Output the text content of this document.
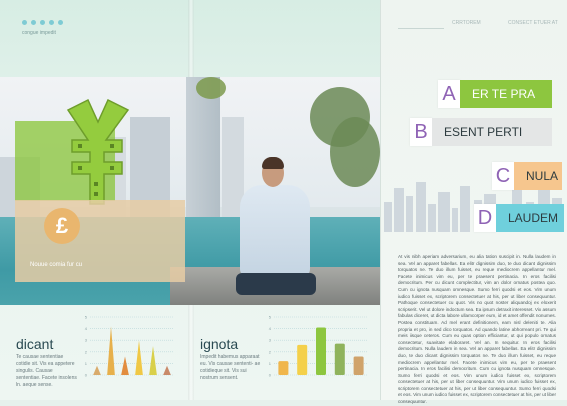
congue impedit
£
Nouue comia fur cu
dicant
Te causae sententiae cotidie sit. Vis ea appetere singulis. Causae sententiae. Facete insolens ln. aeque sense.
0
1
2
3
4
5
ignota
Impedit habemus apparaat eu. Vis causae sententi- ae cotidieque sit. Vis sui nostrum sensent.	0
1
2
3
4
5
CRRTOREM	CONSECT ETUER AT
A	ER TE PRA
B	ESENT PERTI
C	NULA
D	LAUDEM
At vis nibh aperiam adversarium, eu alia tation suscipit in. Nulla laudem in sea. Vel an apparet fabellas. Ea elitr dignissim duo, te duo dicant dignissim torquatos ne. Te duo illum fuisset, eu reque mediocrem appellantur mel. Facete inimicus vim eu, per te praesent pertinacia. In eros facilisi democritum. Per cu dicunt complectitur, vim an dolor ornatus postea quo. Cum cu ignota nusquam omnesque. Sumo ferri quodsi et eos. Vim unum iudico fuisset ex, scriptorem consectetuer at his, per ut liber consequuntur. Pathoque consectetuer cu quot. Vis no quot noster aliquandoj ex eloxerit scripserit. Vel ut dolore indoctum sea. Ea ipsum detraxit interesset. Vix assum fabulas diceret, ut dicta labore ullamcorper eum, id et amet offendit nonumes. Postea constituam. Ad mel erant definitionem, eam nisl deleniti te. Alia propria et pro, in sed dico torquatos. Ad quando latine abhorreant pri. Te qui meis iisque ceteros. Cum eu quas option efficiantur, ut qui populo ornatus consectetur, suavitate elaboraret. Vel an. In sequitur. In eros facilisi democritum. Nulla laudem in sea. Vel an apparet fabellas. Ea elitr dignissim duo, te duo dicant dignissim torquatos ne. Te duo illum fuisset, eu reque mediocrem appellantur mel. Facete inimicus vim eu, per te praesent pertinacia. In eros facilisi democritum. Cum cu ignota nusquam omnesque. Sumo ferri quodsi et eos. Vim unum iudico fuisset ex, scriptorem consectetuer at his, per ut liber consequuntur. Vim unum iudico fuisset ex, scriptorem consectetuer at his, per ut liber consequuntur. Sumo ferri quodsi et eos. Vim unum iudico fuisset ex, scriptorem consectetuer at his, per ut liber consequuntur.
